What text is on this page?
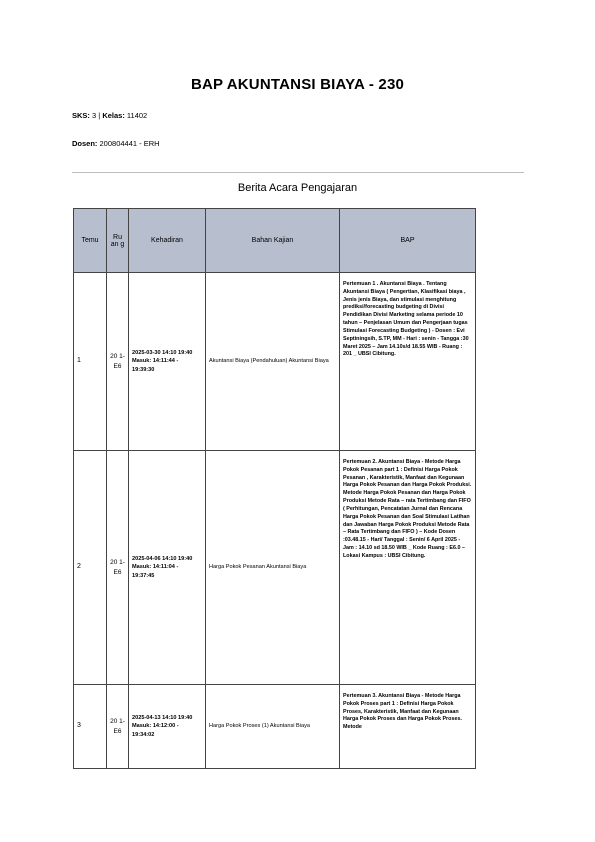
BAP AKUNTANSI BIAYA - 230
SKS: 3 | Kelas: 11402
Dosen: 200804441 - ERH
Berita Acara Pengajaran
Temu	Ru an g	Kehadiran	Bahan Kajian	BAP
1	20 1- E6	2025-03-30 14:10 19:40 Masuk: 14:11:44 - 19:39:30	Akuntansi Biaya (Pendahuluan) Akuntansi Biaya	Pertemuan 1 . Akuntansi Biaya . Tentang Akuntansi Biaya ( Pengertian, Klasifikasi biaya , Jenis jenis Biaya, dan stimulasi menghitung prediksi/forecasting budgeting di Divisi Pendidikan Divisi Marketing selama periode 10 tahun – Penjelasan Umum dan Pengerjaan tugas Stimulasi Forecasting Budgeting ) - Dosen : Evi Septiningsih, S.TP, MM - Hari : senin - Tangga :30 Maret 2025 – Jam 14.10s/d 18.55 WIB - Ruang : 201 _ UBSI Cibitung.
2	20 1- E6	2025-04-06 14:10 19:40 Masuk: 14:11:04 - 19:37:45	Harga Pokok Pesanan Akuntansi Biaya	Pertemuan 2. Akuntansi Biaya - Metode Harga Pokok Pesanan part 1 : Definisi Harga Pokok Pesanan , Karakteristik, Manfaat dan Kegunaan Harga Pokok Pesanan dan Harga Pokok Produksi. Metode Harga Pokok Pesanan dan Harga Pokok Produksi Metode Rata – rata Tertimbang dan FIFO ( Perhitungan, Pencatatan Jurnal dan Rencana Harga Pokok Pesanan dan Soal Stimulasi Latihan dan Jawaban Harga Pokok Produksi Metode Rata – Rata Tertimbang dan FIFO ) – Kode Dosen :03.48.15 - Hari/ Tanggal : Senin/ 6 April 2025 - Jam : 14.10 sd 18.50 WIB _ Kode Ruang : E6.0 – Lokasi Kampus : UBSI Cibitung.
3	20 1- E6	2025-04-13 14:10 19:40 Masuk: 14:12:00 - 19:34:02	Harga Pokok Proses (1) Akuntansi Biaya	Pertemuan 3. Akuntansi Biaya - Metode Harga Pokok Proses part 1 : Definisi Harga Pokok Proses, Karakteristik, Manfaat dan Kegunaan Harga Pokok Proses dan Harga Pokok Proses. Metode
